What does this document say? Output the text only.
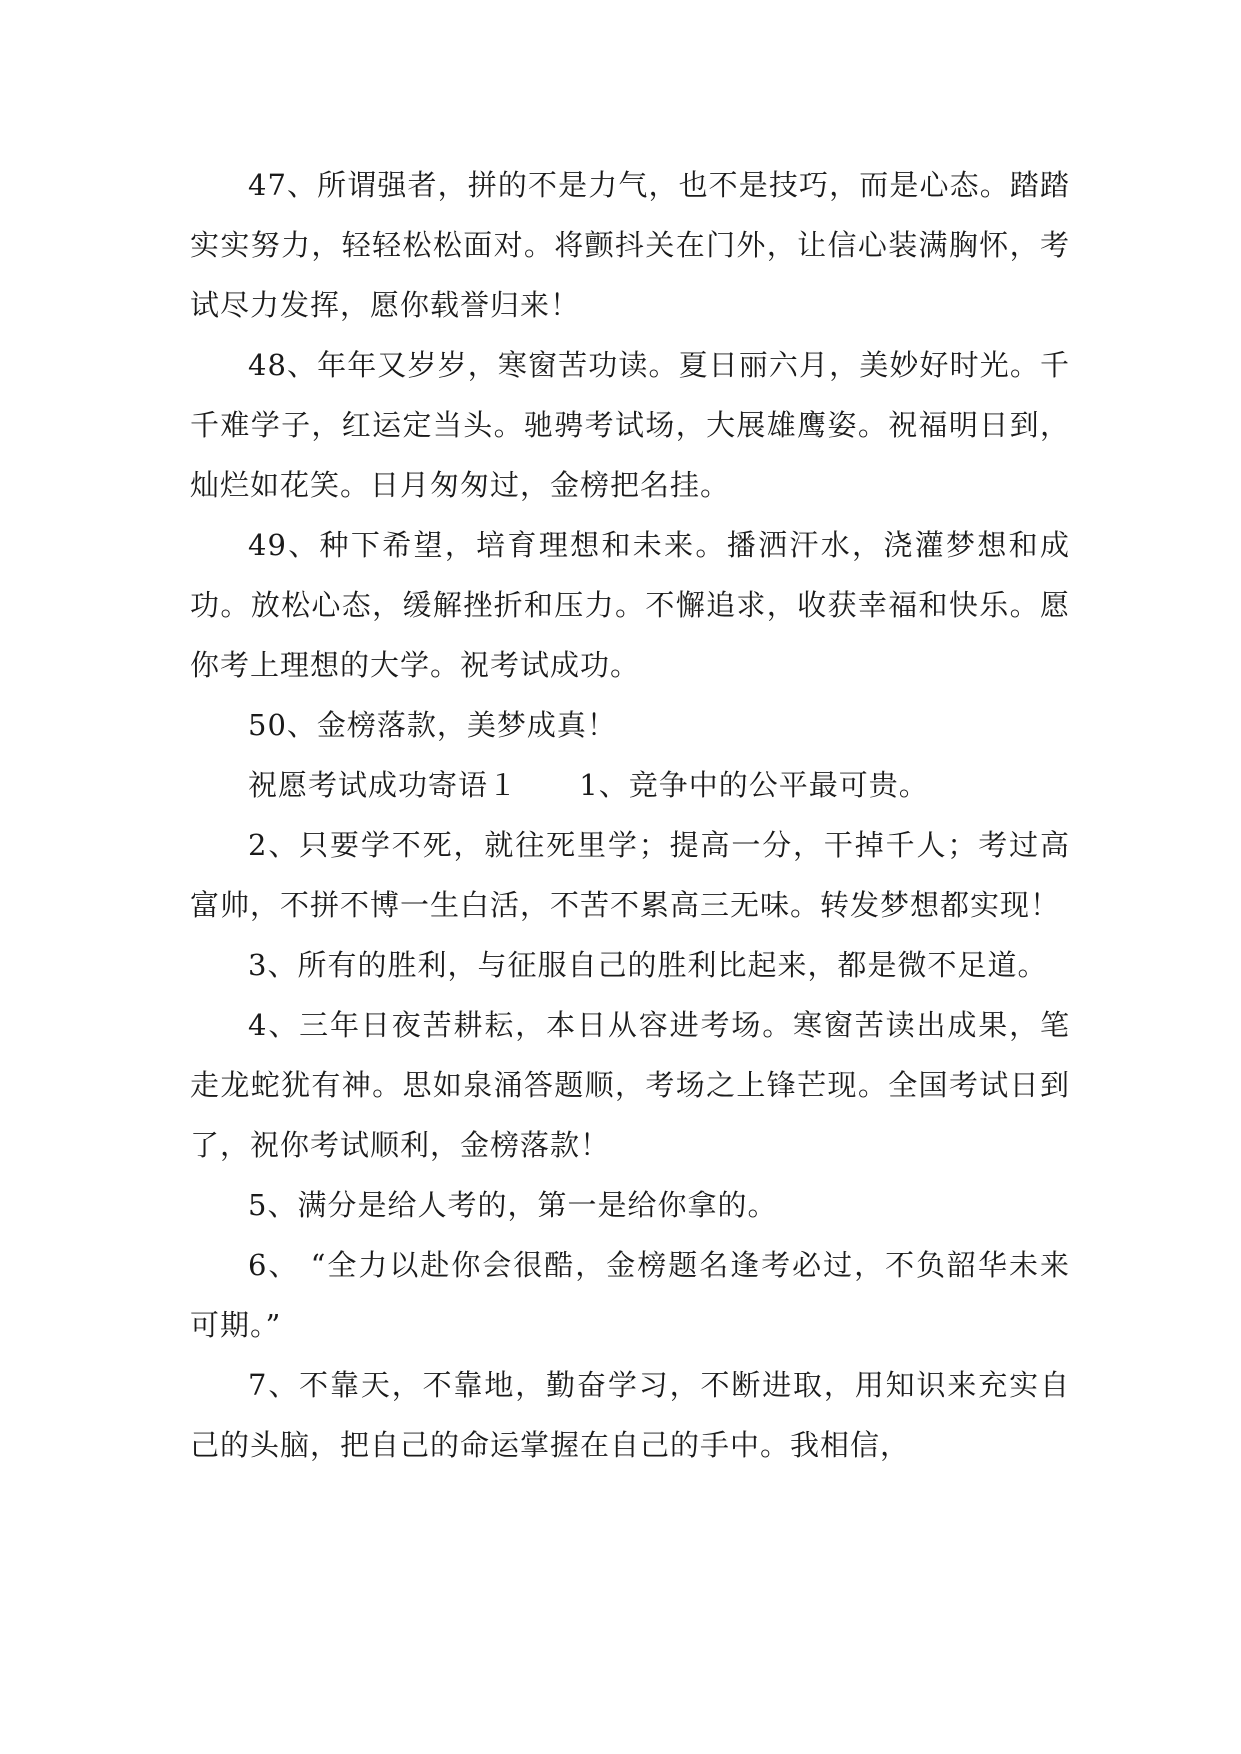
47、所谓强者，拼的不是力气，也不是技巧，而是心态。踏踏实实努力，轻轻松松面对。将颤抖关在门外，让信心装满胸怀，考试尽力发挥，愿你载誉归来！

48、年年又岁岁，寒窗苦功读。夏日丽六月，美妙好时光。千千难学子，红运定当头。驰骋考试场，大展雄鹰姿。祝福明日到，灿烂如花笑。日月匆匆过，金榜把名挂。

49、种下希望，培育理想和未来。播洒汗水，浇灌梦想和成功。放松心态，缓解挫折和压力。不懈追求，收获幸福和快乐。愿你考上理想的大学。祝考试成功。

50、金榜落款，美梦成真！

祝愿考试成功寄语１      1、竞争中的公平最可贵。

2、只要学不死，就往死里学；提高一分，干掉千人；考过高富帅，不拼不博一生白活，不苦不累高三无味。转发梦想都实现！

3、所有的胜利，与征服自己的胜利比起来，都是微不足道。

4、三年日夜苦耕耘，本日从容进考场。寒窗苦读出成果，笔走龙蛇犹有神。思如泉涌答题顺，考场之上锋芒现。全国考试日到了，祝你考试顺利，金榜落款！

5、满分是给人考的，第一是给你拿的。

6、 “全力以赴你会很酷，金榜题名逢考必过，不负韶华未来可期。”

7、不靠天，不靠地，勤奋学习，不断进取，用知识来充实自己的头脑，把自己的命运掌握在自己的手中。我相信，
